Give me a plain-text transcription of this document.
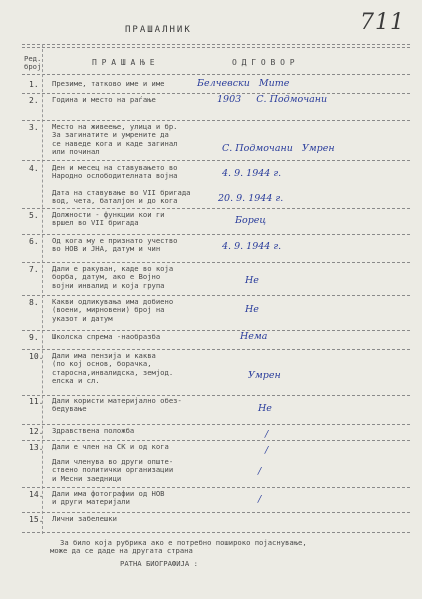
ПРАШАЛНИК	711
Ред.
број	П Р А Ш А Њ Е	О Д Г О В О Р
1. Презиме, татково име и име	Белчевски   Митe
2. Година и место на раѓање	1903     С. Подмочани
3. Место на живеење, улица и бр.
За загинатите и умрените да
се наведе кога и каде загинал
или починал	С. Подмочани   Умрен
4. Ден и месец на ставувањето во
Народно ослободителната војна	4. 9. 1944 г.
Дата на ставување во VII бригада
вод, чета, баталјон и до кога	20. 9. 1944 г.
5. Должности - функции кои ги
вршел во VII бригада	Борец
6. Од кога му е признато учество
во НОВ и ЈНА, датум и чин	4. 9. 1944 г.
7. Дали е ракуван, каде во која
борба, датум, ако е Војно
војни инвалид и која група	Не
8. Какви одликувања има добиено
(воени, мирновени) број на
указот и датум
Не
9. Школска спрема -наобразба	Нема
10. Дали има пензија и каква
(по кој основ, борачка,
старосна,инвалидска, земјод.
елска и сл.	Умрен
11. Дали користи материјално обез-
бедување	Не
12. Здравствена положба	/
13. Дали е член на СК и од кога	/
Дали членува во други опште-
ствено политички организации
и Месни заедници
/
14. Дали има фотографии од НОВ
и други материјали	/
15. Лични забелешки
За било која рубрика ако е потребно пошироко појаснување,
може да се даде на другата страна
РАТНА БИОГРАФИЈА :
